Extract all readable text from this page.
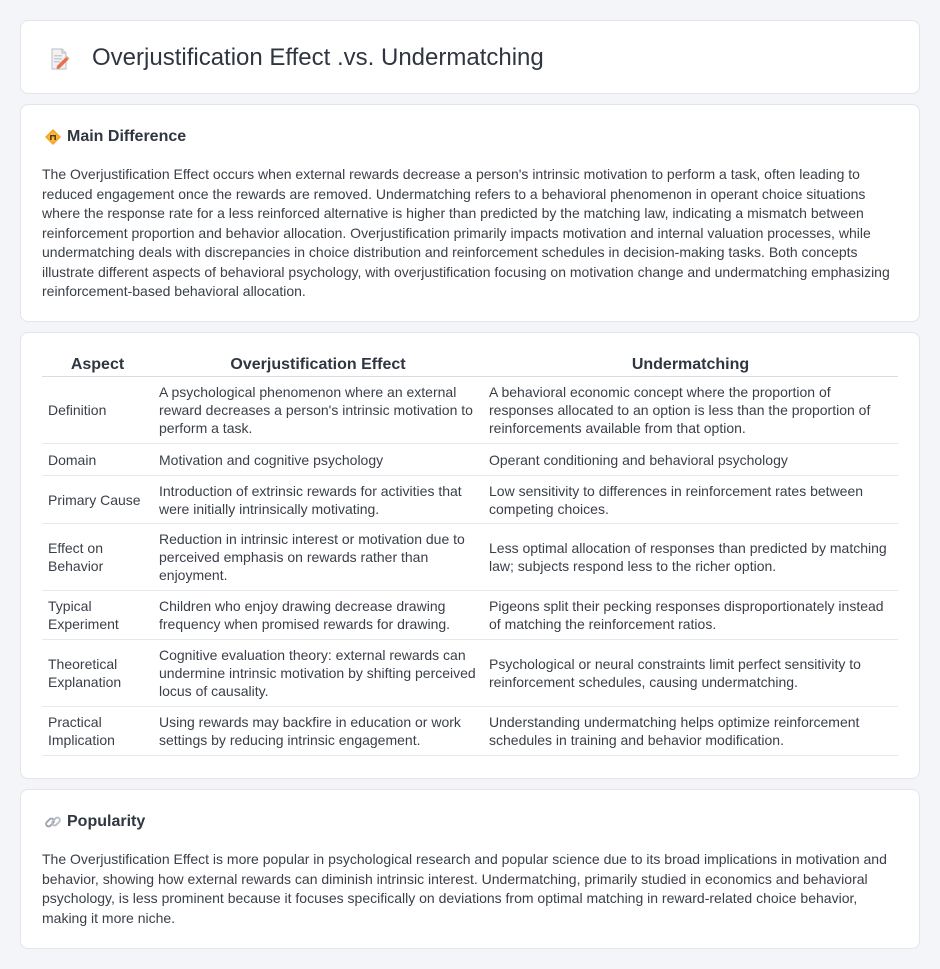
Overjustification Effect .vs. Undermatching
Main Difference
The Overjustification Effect occurs when external rewards decrease a person's intrinsic motivation to perform a task, often leading to reduced engagement once the rewards are removed. Undermatching refers to a behavioral phenomenon in operant choice situations where the response rate for a less reinforced alternative is higher than predicted by the matching law, indicating a mismatch between reinforcement proportion and behavior allocation. Overjustification primarily impacts motivation and internal valuation processes, while undermatching deals with discrepancies in choice distribution and reinforcement schedules in decision-making tasks. Both concepts illustrate different aspects of behavioral psychology, with overjustification focusing on motivation change and undermatching emphasizing reinforcement-based behavioral allocation.
Aspect	Overjustification Effect	Undermatching
Definition	A psychological phenomenon where an external reward decreases a person's intrinsic motivation to perform a task.	A behavioral economic concept where the proportion of responses allocated to an option is less than the proportion of reinforcements available from that option.
Domain	Motivation and cognitive psychology	Operant conditioning and behavioral psychology
Primary Cause	Introduction of extrinsic rewards for activities that were initially intrinsically motivating.	Low sensitivity to differences in reinforcement rates between competing choices.
Effect on Behavior	Reduction in intrinsic interest or motivation due to perceived emphasis on rewards rather than enjoyment.	Less optimal allocation of responses than predicted by matching law; subjects respond less to the richer option.
Typical Experiment	Children who enjoy drawing decrease drawing frequency when promised rewards for drawing.	Pigeons split their pecking responses disproportionately instead of matching the reinforcement ratios.
Theoretical Explanation	Cognitive evaluation theory: external rewards can undermine intrinsic motivation by shifting perceived locus of causality.	Psychological or neural constraints limit perfect sensitivity to reinforcement schedules, causing undermatching.
Practical Implication	Using rewards may backfire in education or work settings by reducing intrinsic engagement.	Understanding undermatching helps optimize reinforcement schedules in training and behavior modification.
Popularity
The Overjustification Effect is more popular in psychological research and popular science due to its broad implications in motivation and behavior, showing how external rewards can diminish intrinsic interest. Undermatching, primarily studied in economics and behavioral psychology, is less prominent because it focuses specifically on deviations from optimal matching in reward-related choice behavior, making it more niche.
